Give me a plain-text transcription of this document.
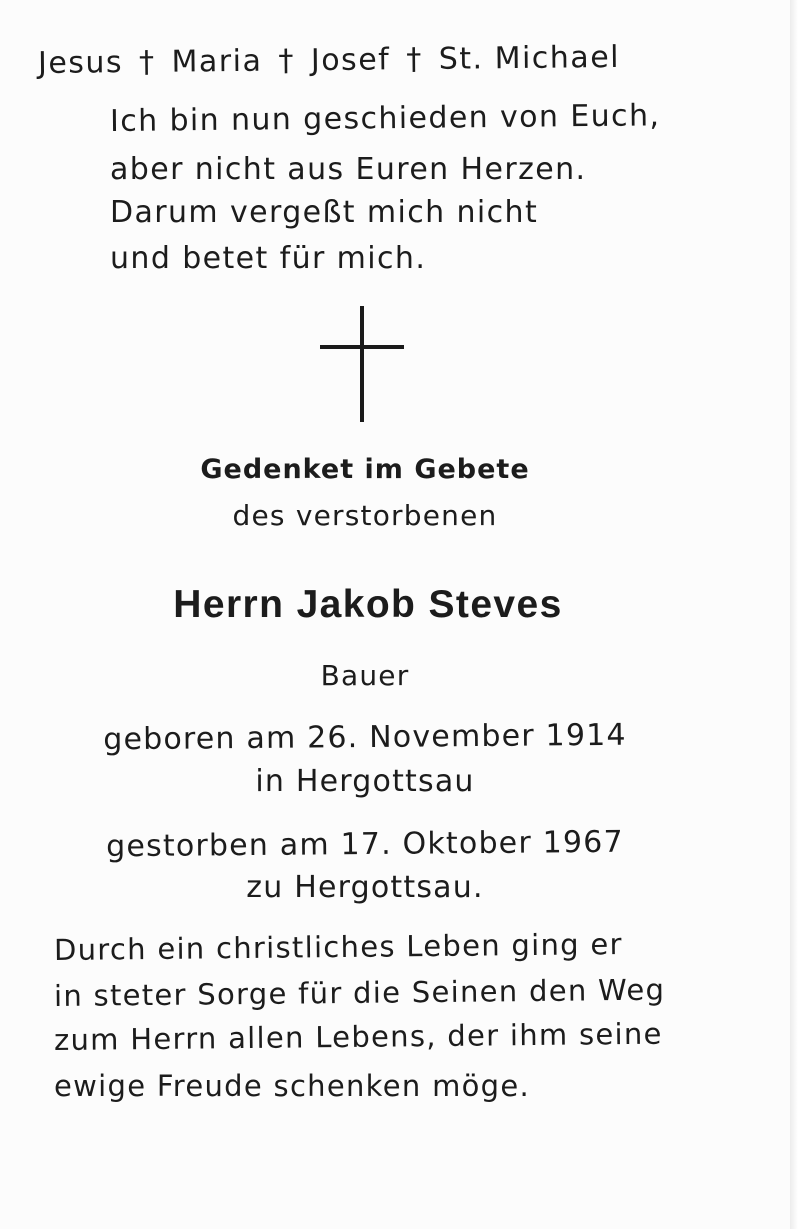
Jesus † Maria † Josef † St. Michael

Ich bin nun geschieden von Euch,

aber nicht aus Euren Herzen.

Darum vergeßt mich nicht

und betet für mich.

Gedenket im Gebete

des verstorbenen

Herrn Jakob Steves

Bauer

geboren am 26. November 1914

in Hergottsau

gestorben am 17. Oktober 1967

zu Hergottsau.

Durch ein christliches Leben ging er

in steter Sorge für die Seinen den Weg

zum Herrn allen Lebens, der ihm seine

ewige Freude schenken möge.
